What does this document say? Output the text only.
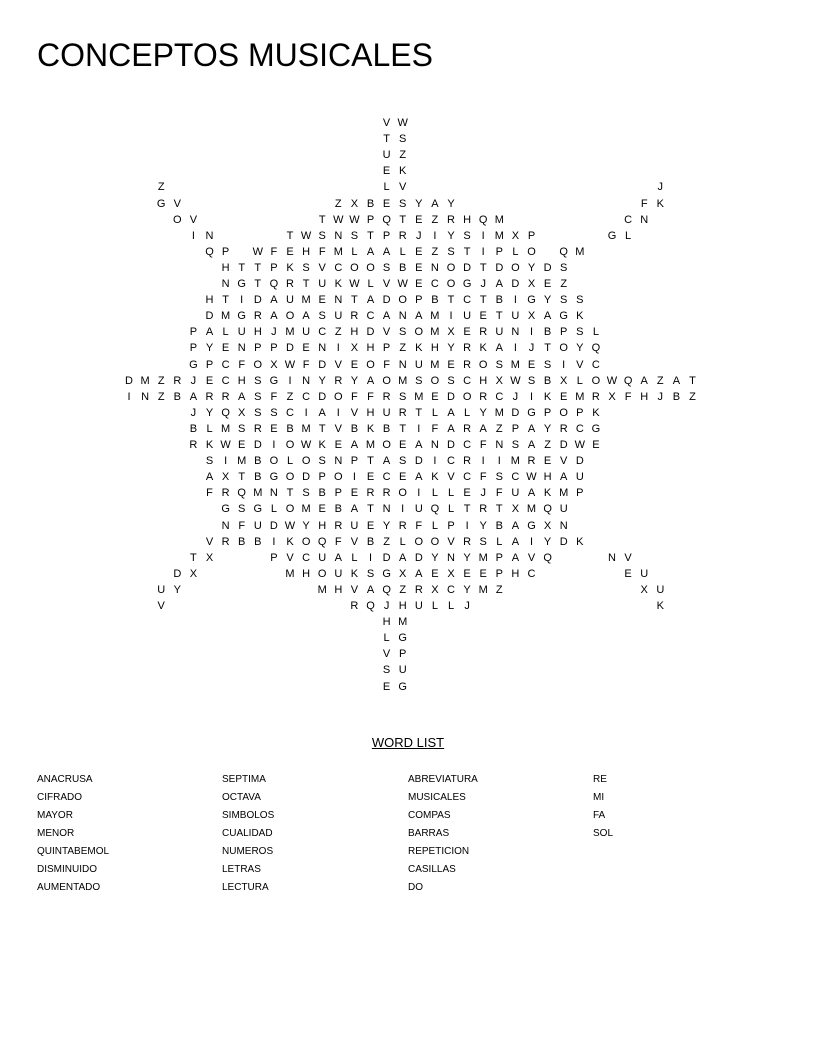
CONCEPTOS MUSICALES
V W
T S
U Z
E K
Z	L V	J
G V	Z X B E S Y A Y	F K
O V	T W W P Q T E Z R H Q M	C N
I N	T W S N S T P R J	I Y S I M X P	G L
Q P	W F E H F M L A A L E Z S T	I P L O	Q M
H T T P K S V C O O S B E N O D T D O Y D S
N G T Q R T U K W L V W E C O G J A D X E Z
H T	I D A U M E N T A D O P B T C T B I G Y S S
D M G R A O A S U R C A N A M I U E T U X A G K
P A L U H J M U C Z H D V S O M X E R U N I B P S L
P Y E N P P D E N I X H P Z K H Y R K A I	J T O Y Q
G P C F O X W F D V E O F N U M E R O S M E S I V C
D M Z R J E C H S G I N Y R Y A O M S O S C H X W S B X L O W Q A Z A T
I N Z B A R R A S F Z C D O F F R S M E D O R C J	I K E M R X F H J B Z
J Y Q X S S C I A I V H U R T L A L Y M D G P O P K
B L M S R E B M T V B K B T	I	F A R A Z P A Y R C G
R K W E D I O W K E A M O E A N D C F N S A Z D W E
S I M B O L O S N P T A S D I C R I	I M R E V D
A X T B G O D P O I E C E A K V C F S C W H A U
F R Q M N T S B P E R R O I	L L E J F U A K M P
G S G L O M E B A T N I U Q L T R T X M Q U
N F U D W Y H R U E Y R F L P I Y B A G X N
V R B B I K O Q F V B Z L O O V R S L A I Y D K
T X	P V C U A L	I D A D Y N Y M P A V Q	N V
D X	M H O U K S G X A E X E E P H C	E U
U Y	M H V A Q Z R X C Y M Z	X U
V	R Q J H U L L J	K
H M
L G
V P
S U
E G
WORD LIST
ANACRUSA
CIFRADO
MAYOR
MENOR
QUINTABEMOL
DISMINUIDO
AUMENTADO
SEPTIMA
OCTAVA
SIMBOLOS
CUALIDAD
NUMEROS
LETRAS
LECTURA
ABREVIATURA
MUSICALES
COMPAS
BARRAS
REPETICION
CASILLAS
DO
RE
MI
FA
SOL
